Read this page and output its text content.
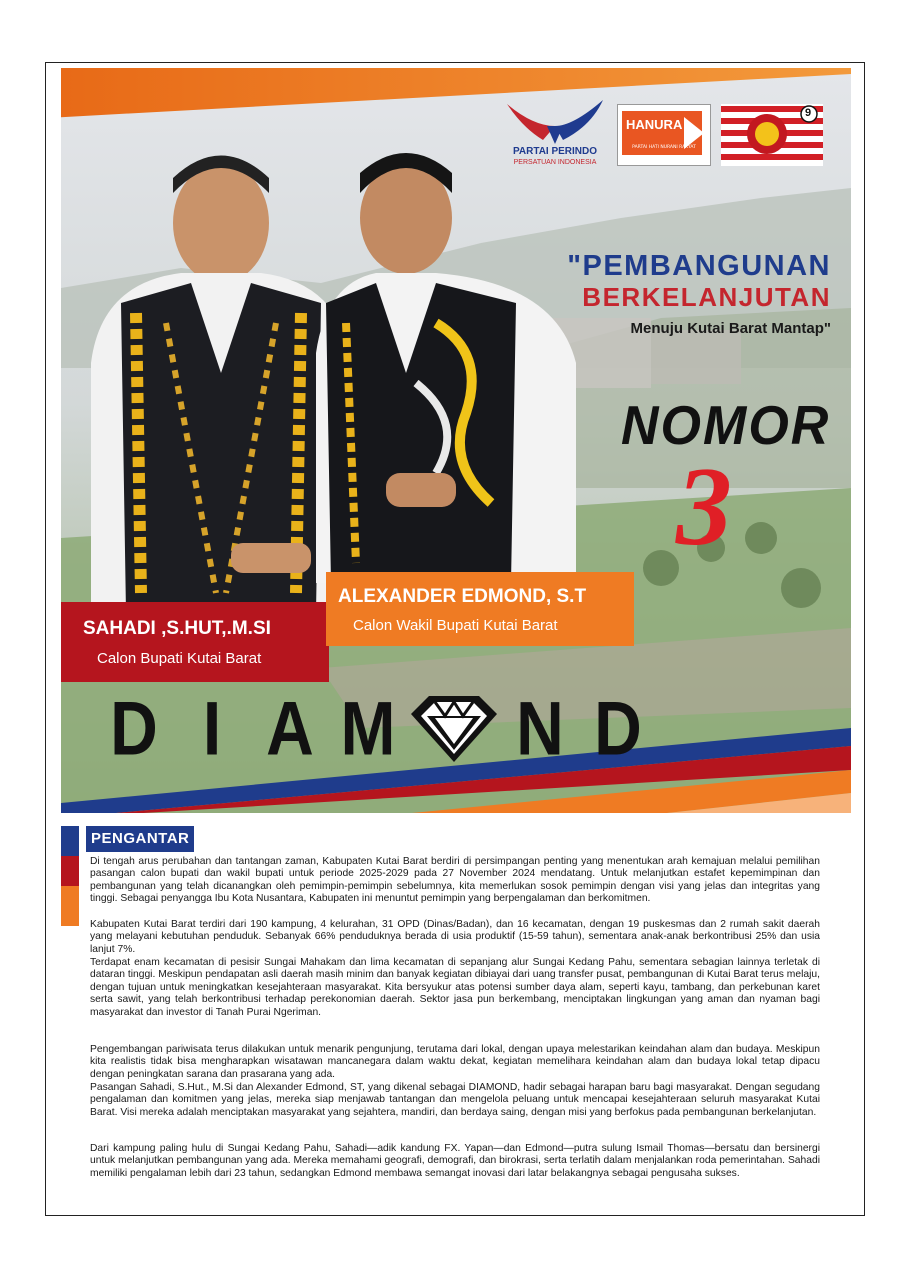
PARTAI PERINDO
PERSATUAN INDONESIA
HANURA
PARTAI HATI NURANI RAKYAT
9
"PEMBANGUNAN
BERKELANJUTAN
Menuju Kutai Barat Mantap"
NOMOR
3
SAHADI ,S.HUT,.M.SI
Calon Bupati Kutai Barat
ALEXANDER EDMOND, S.T
Calon Wakil Bupati Kutai Barat
D I A M N D
PENGANTAR

Di tengah arus perubahan dan tantangan zaman, Kabupaten Kutai Barat berdiri di persimpangan penting yang menentukan arah kemajuan melalui pemilihan pasangan calon bupati dan wakil bupati untuk periode 2025-2029 pada 27 November 2024 mendatang. Untuk melanjutkan estafet kepemimpinan dan pembangunan yang telah dicanangkan oleh pemimpin-pemimpin sebelumnya, kita memerlukan sosok pemimpin dengan visi yang jelas dan integritas yang tinggi. Sebagai penyangga Ibu Kota Nusantara, Kabupaten ini menuntut pemimpin yang berpengalaman dan berkomitmen.

Kabupaten Kutai Barat terdiri dari 190 kampung, 4 kelurahan, 31 OPD (Dinas/Badan), dan 16 kecamatan, dengan 19 puskesmas dan 2 rumah sakit daerah yang melayani kebutuhan penduduk. Sebanyak 66% penduduknya berada di usia produktif (15-59 tahun), sementara anak-anak berkontribusi 25% dan usia lanjut 7%.

Terdapat enam kecamatan di pesisir Sungai Mahakam dan lima kecamatan di sepanjang alur Sungai Kedang Pahu, sementara sebagian lainnya terletak di dataran tinggi. Meskipun pendapatan asli daerah masih minim dan banyak kegiatan dibiayai dari uang transfer pusat, pembangunan di Kutai Barat terus melaju, dengan tujuan untuk meningkatkan kesejahteraan masyarakat. Kita bersyukur atas potensi sumber daya alam, seperti kayu, tambang, dan perkebunan karet serta sawit, yang telah berkontribusi terhadap perekonomian daerah. Sektor jasa pun berkembang, menciptakan lingkungan yang aman dan nyaman bagi masyarakat dan investor di Tanah Purai Ngeriman.

Pengembangan pariwisata terus dilakukan untuk menarik pengunjung, terutama dari lokal, dengan upaya melestarikan keindahan alam dan budaya. Meskipun kita realistis tidak bisa mengharapkan wisatawan mancanegara dalam waktu dekat, kegiatan memelihara keindahan alam dan budaya lokal tetap dipacu dengan peningkatan sarana dan prasarana yang ada.

Pasangan Sahadi, S.Hut., M.Si dan Alexander Edmond, ST, yang dikenal sebagai DIAMOND, hadir sebagai harapan baru bagi masyarakat. Dengan segudang pengalaman dan komitmen yang jelas, mereka siap menjawab tantangan dan mengelola peluang untuk mencapai kesejahteraan seluruh masyarakat Kutai Barat. Visi mereka adalah menciptakan masyarakat yang sejahtera, mandiri, dan berdaya saing, dengan misi yang berfokus pada pembangunan berkelanjutan.

Dari kampung paling hulu di Sungai Kedang Pahu, Sahadi—adik kandung FX. Yapan—dan Edmond—putra sulung Ismail Thomas—bersatu dan bersinergi untuk melanjutkan pembangunan yang ada. Mereka memahami geografi, demografi, dan birokrasi, serta terlatih dalam menjalankan roda pemerintahan. Sahadi memiliki pengalaman lebih dari 23 tahun, sedangkan Edmond membawa semangat inovasi dari latar belakangnya sebagai pengusaha sukses.
